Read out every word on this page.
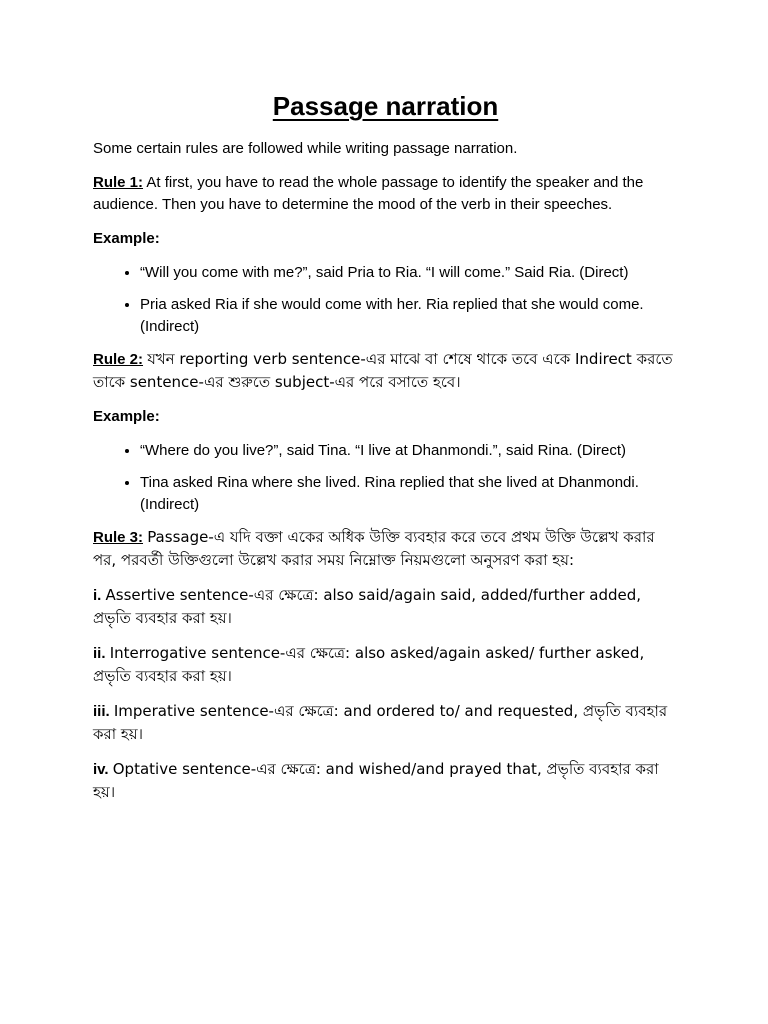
Passage narration

Some certain rules are followed while writing passage narration.

Rule 1: At first, you have to read the whole passage to identify the speaker and the audience. Then you have to determine the mood of the verb in their speeches.

Example:

• “Will you come with me?”, said Pria to Ria. “I will come.” Said Ria. (Direct)
• Pria asked Ria if she would come with her. Ria replied that she would come. (Indirect)

Rule 2: যখন reporting verb sentence-এর মাঝে বা শেষে থাকে তবে একে Indirect করতে তাকে sentence-এর শুরুতে subject-এর পরে বসাতে হবে।

Example:

• “Where do you live?”, said Tina. “I live at Dhanmondi.”, said Rina. (Direct)
• Tina asked Rina where she lived. Rina replied that she lived at Dhanmondi. (Indirect)

Rule 3: Passage-এ যদি বক্তা একের অধিক উক্তি ব্যবহার করে তবে প্রথম উক্তি উল্লেখ করার পর, পরবর্তী উক্তিগুলো উল্লেখ করার সময় নিম্নোক্ত নিয়মগুলো অনুসরণ করা হয়:

i. Assertive sentence-এর ক্ষেত্রে: also said/again said, added/further added, প্রভৃতি ব্যবহার করা হয়।

ii. Interrogative sentence-এর ক্ষেত্রে: also asked/again asked/ further asked, প্রভৃতি ব্যবহার করা হয়।

iii. Imperative sentence-এর ক্ষেত্রে: and ordered to/ and requested, প্রভৃতি ব্যবহার করা হয়।

iv. Optative sentence-এর ক্ষেত্রে: and wished/and prayed that, প্রভৃতি ব্যবহার করা হয়।
